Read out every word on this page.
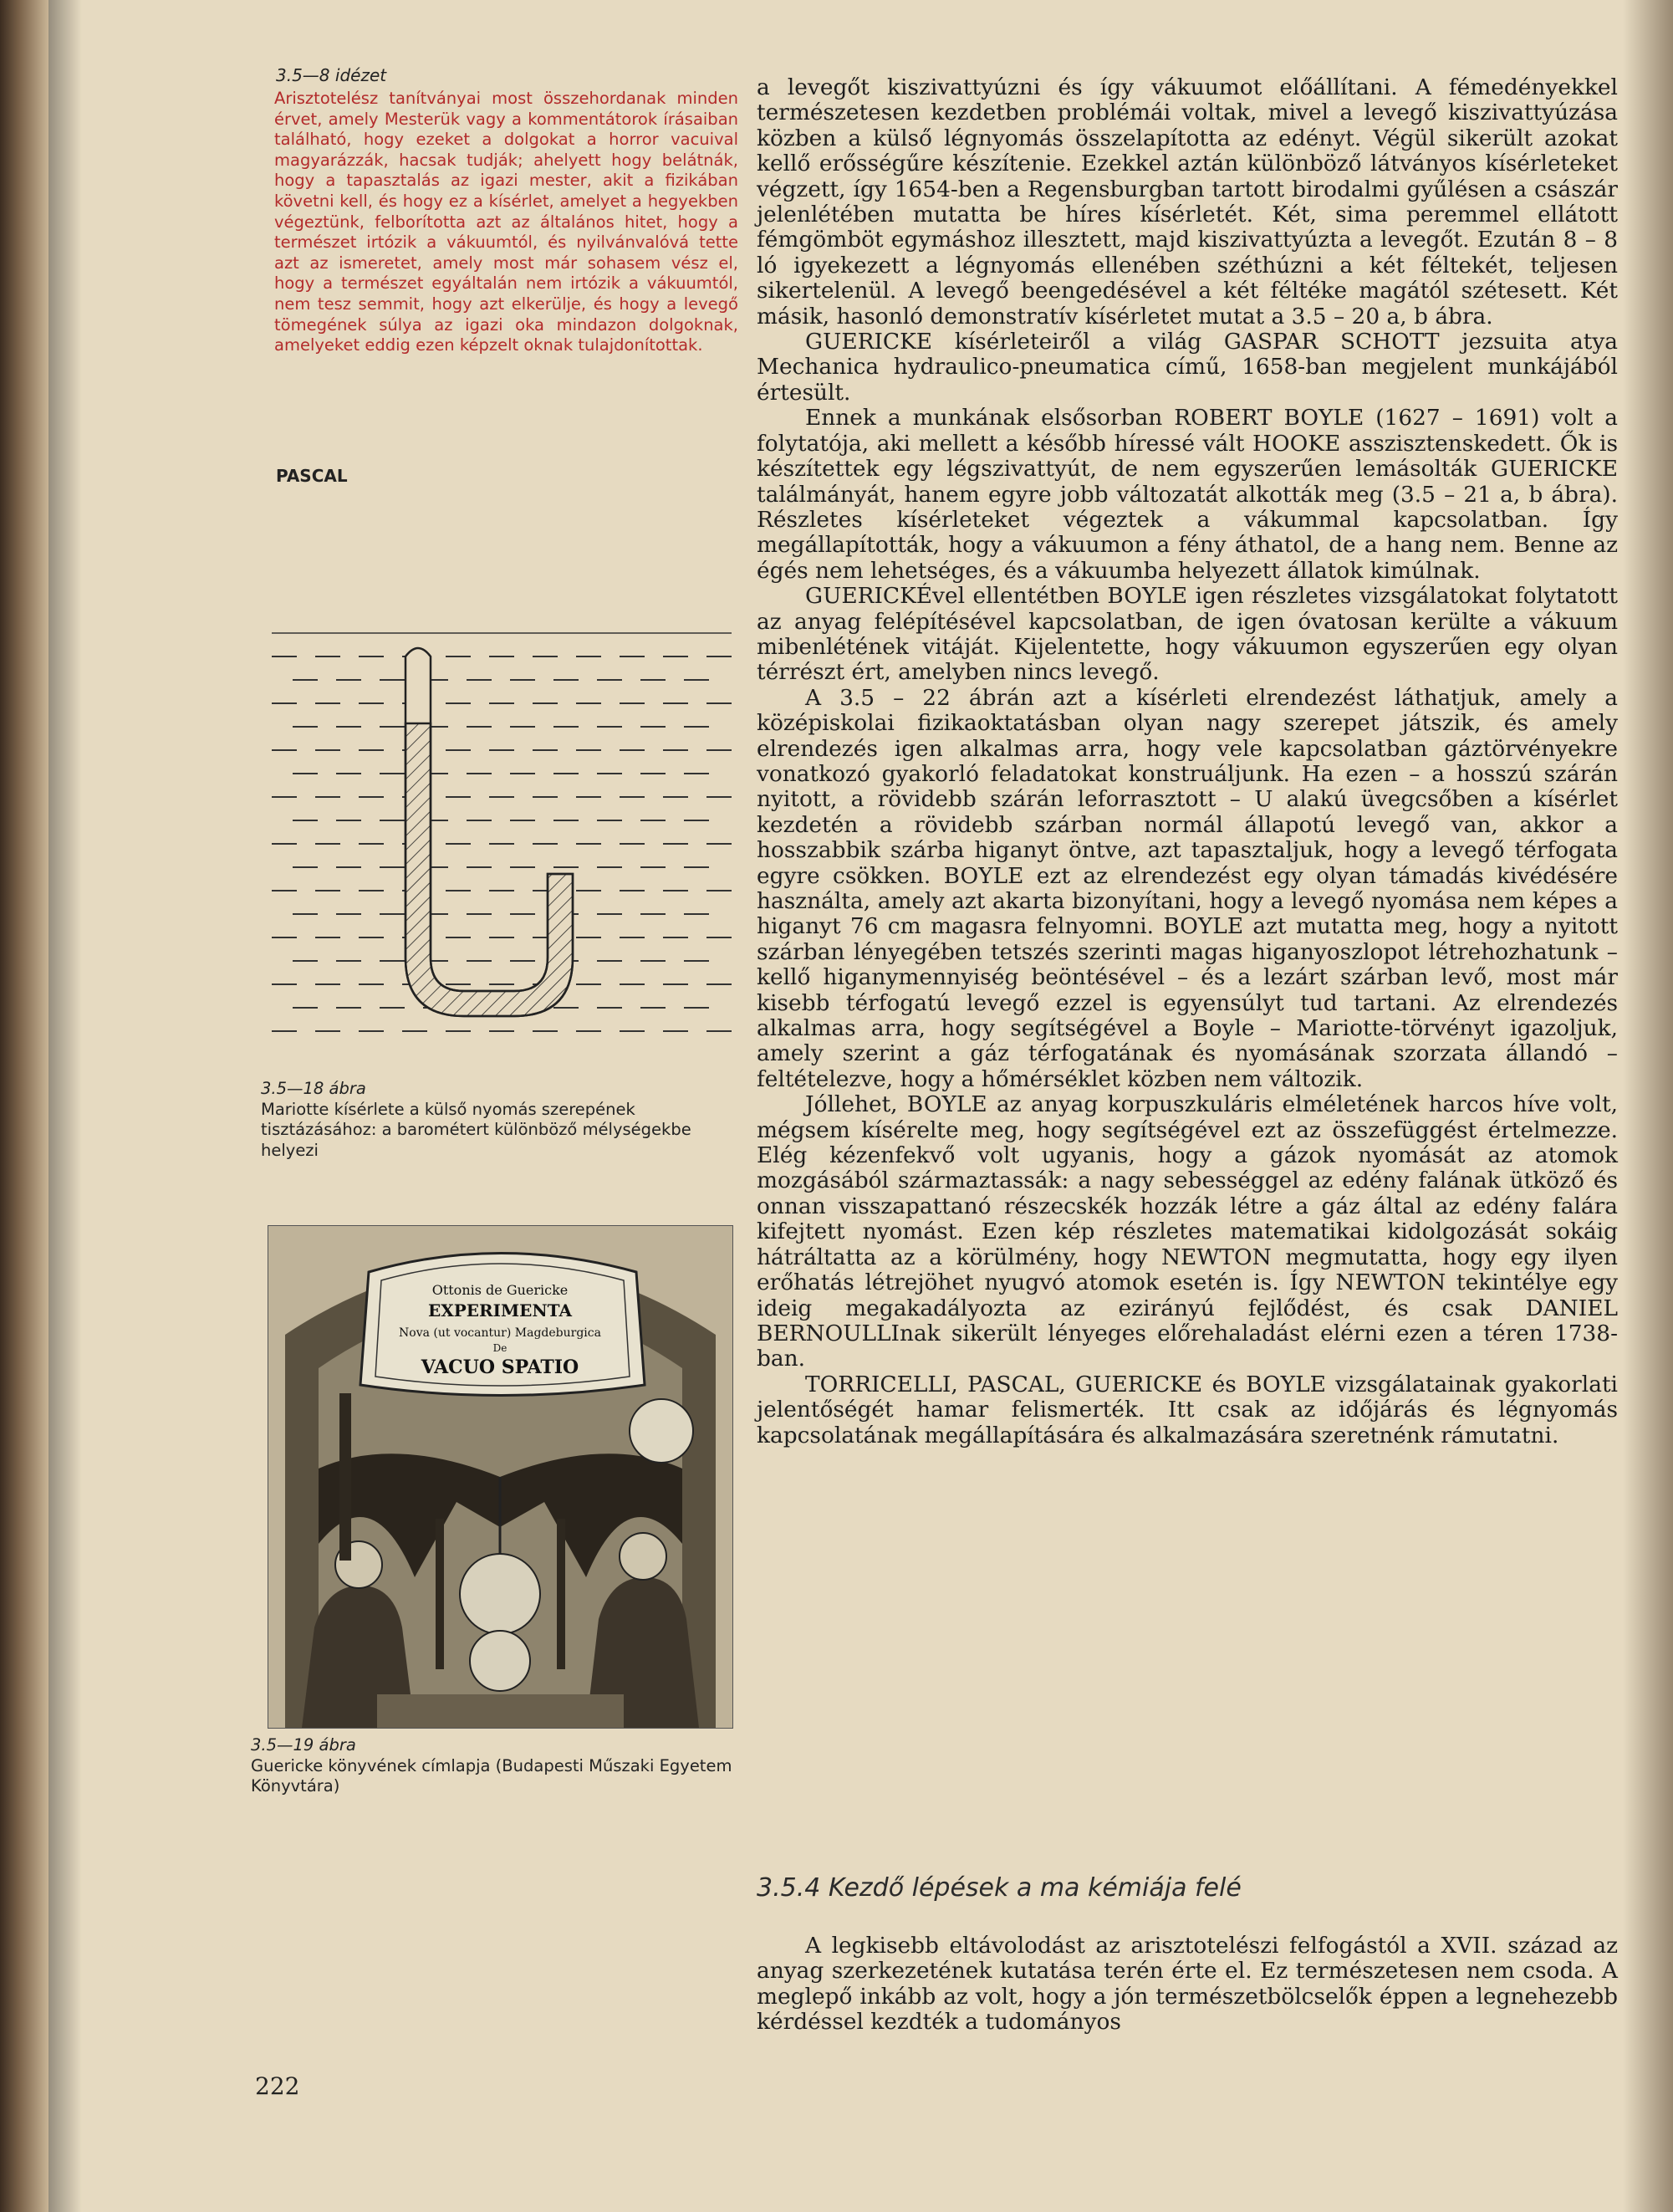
3.5—8 idézet
Arisztotelész tanítványai most összehordanak minden érvet, amely Mesterük vagy a kommentátorok írásaiban található, hogy ezeket a dolgokat a horror vacuival magyarázzák, hacsak tudják; ahelyett hogy belátnák, hogy a tapasztalás az igazi mester, akit a fizikában követni kell, és hogy ez a kísérlet, amelyet a hegyekben végeztünk, felborította azt az általános hitet, hogy a természet irtózik a vákuumtól, és nyilvánvalóvá tette azt az ismeretet, amely most már sohasem vész el, hogy a természet egyáltalán nem irtózik a vákuumtól, nem tesz semmit, hogy azt elkerülje, és hogy a levegő tömegének súlya az igazi oka mindazon dolgoknak, amelyeket eddig ezen képzelt oknak tulajdonítottak.
PASCAL
3.5—18 ábra
Mariotte kísérlete a külső nyomás szerepének tisztázásához: a barométert különböző mélységekbe helyezi
Ottonis de Guericke
EXPERIMENTA
Nova (ut vocantur) Magdeburgica
De
VACUO SPATIO
3.5—19 ábra
Guericke könyvének címlapja (Budapesti Műszaki Egyetem Könyvtára)
222

a levegőt kiszivattyúzni és így vákuumot előállítani. A fémedényekkel természetesen kezdetben problémái voltak, mivel a levegő kiszivattyúzása közben a külső légnyomás összelapította az edényt. Végül sikerült azokat kellő erősségűre készítenie. Ezekkel aztán különböző látványos kísérleteket végzett, így 1654-ben a Regensburgban tartott birodalmi gyűlésen a császár jelenlétében mutatta be híres kísérletét. Két, sima peremmel ellátott fémgömböt egymáshoz illesztett, majd kiszivattyúzta a levegőt. Ezután 8 – 8 ló igyekezett a légnyomás ellenében széthúzni a két féltekét, teljesen sikertelenül. A levegő beengedésével a két féltéke magától szétesett. Két másik, hasonló demonstratív kísérletet mutat a 3.5 – 20 a, b ábra.

GUERICKE kísérleteiről a világ GASPAR SCHOTT jezsuita atya Mechanica hydraulico-pneumatica című, 1658-ban megjelent munkájából értesült.

Ennek a munkának elsősorban ROBERT BOYLE (1627 – 1691) volt a folytatója, aki mellett a később híressé vált HOOKE asszisztenskedett. Ők is készítettek egy légszivattyút, de nem egyszerűen lemásolták GUERICKE találmányát, hanem egyre jobb változatát alkották meg (3.5 – 21 a, b ábra). Részletes kísérleteket végeztek a vákummal kapcsolatban. Így megállapították, hogy a vákuumon a fény áthatol, de a hang nem. Benne az égés nem lehetséges, és a vákuumba helyezett állatok kimúlnak.

GUERICKÉvel ellentétben BOYLE igen részletes vizsgálatokat folytatott az anyag felépítésével kapcsolatban, de igen óvatosan kerülte a vákuum mibenlétének vitáját. Kijelentette, hogy vákuumon egyszerűen egy olyan térrészt ért, amelyben nincs levegő.

A 3.5 – 22 ábrán azt a kísérleti elrendezést láthatjuk, amely a középiskolai fizikaoktatásban olyan nagy szerepet játszik, és amely elrendezés igen alkalmas arra, hogy vele kapcsolatban gáztörvényekre vonatkozó gyakorló feladatokat konstruáljunk. Ha ezen – a hosszú szárán nyitott, a rövidebb szárán leforrasztott – U alakú üvegcsőben a kísérlet kezdetén a rövidebb szárban normál állapotú levegő van, akkor a hosszabbik szárba higanyt öntve, azt tapasztaljuk, hogy a levegő térfogata egyre csökken. BOYLE ezt az elrendezést egy olyan támadás kivédésére használta, amely azt akarta bizonyítani, hogy a levegő nyomása nem képes a higanyt 76 cm magasra felnyomni. BOYLE azt mutatta meg, hogy a nyitott szárban lényegében tetszés szerinti magas higanyoszlopot létrehozhatunk – kellő higanymennyiség beöntésével – és a lezárt szárban levő, most már kisebb térfogatú levegő ezzel is egyensúlyt tud tartani. Az elrendezés alkalmas arra, hogy segítségével a Boyle – Mariotte-törvényt igazoljuk, amely szerint a gáz térfogatának és nyomásának szorzata állandó – feltételezve, hogy a hőmérséklet közben nem változik.

Jóllehet, BOYLE az anyag korpuszkuláris elméletének harcos híve volt, mégsem kísérelte meg, hogy segítségével ezt az összefüggést értelmezze. Elég kézenfekvő volt ugyanis, hogy a gázok nyomását az atomok mozgásából származtassák: a nagy sebességgel az edény falának ütköző és onnan visszapattanó részecskék hozzák létre a gáz által az edény falára kifejtett nyomást. Ezen kép részletes matematikai kidolgozását sokáig hátráltatta az a körülmény, hogy NEWTON megmutatta, hogy egy ilyen erőhatás létrejöhet nyugvó atomok esetén is. Így NEWTON tekintélye egy ideig megakadályozta az ezirányú fejlődést, és csak DANIEL BERNOULLInak sikerült lényeges előrehaladást elérni ezen a téren 1738-ban.

TORRICELLI, PASCAL, GUERICKE és BOYLE vizsgálatainak gyakorlati jelentőségét hamar felismerték. Itt csak az időjárás és légnyomás kapcsolatának megállapítására és alkalmazására szeretnénk rámutatni.

3.5.4 Kezdő lépések a ma kémiája felé

A legkisebb eltávolodást az arisztotelészi felfogástól a XVII. század az anyag szerkezetének kutatása terén érte el. Ez természetesen nem csoda. A meglepő inkább az volt, hogy a jón természetbölcselők éppen a legnehezebb kérdéssel kezdték a tudományos
